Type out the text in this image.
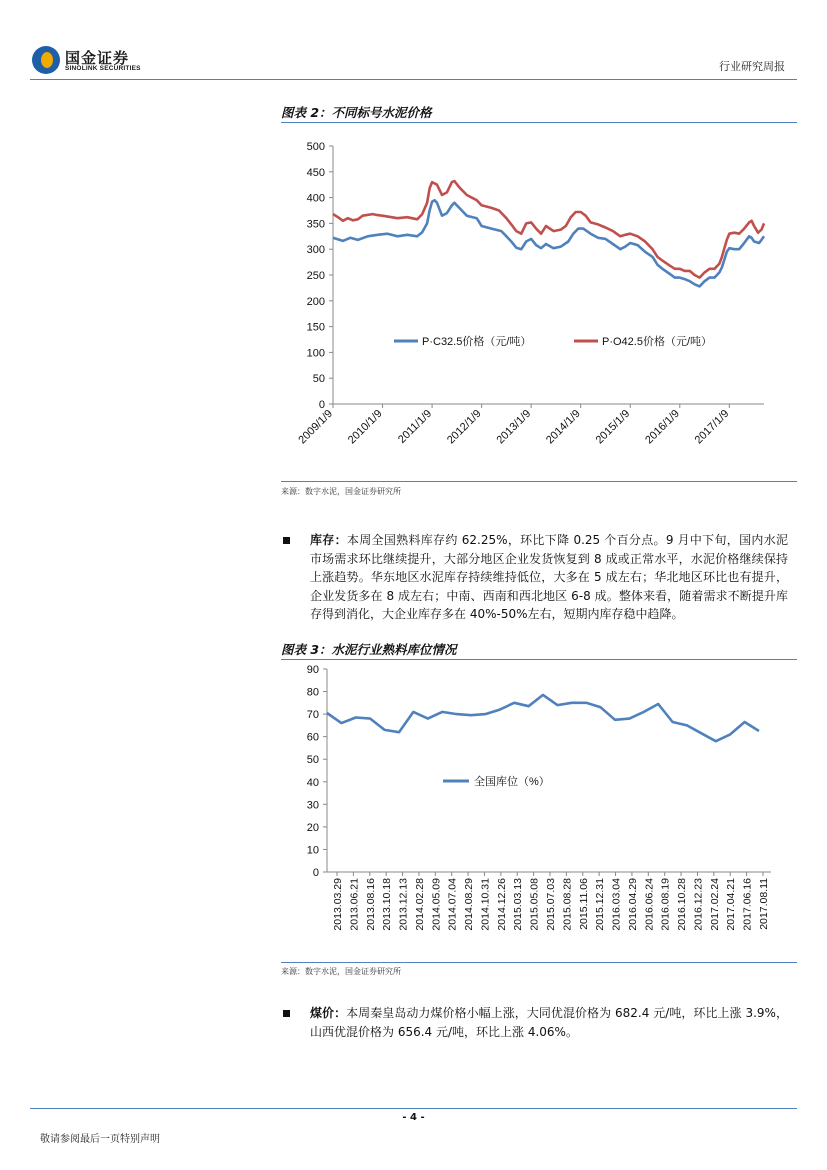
国金证券
SINOLINK SECURITIES	行业研究周报
图表 2：不同标号水泥价格
0
50
100
150
200
250
300
350
400
450
500
2009/1/9 2010/1/9 2011/1/9 2012/1/9 2013/1/9 2014/1/9 2015/1/9 2016/1/9 2017/1/9
P·C32.5价格（元/吨）	P·O42.5价格（元/吨）
来源：数字水泥，国金证券研究所
库存：本周全国熟料库存约 62.25%，环比下降 0.25 个百分点。9 月中下旬，国内水泥市场需求环比继续提升，大部分地区企业发货恢复到 8 成或正常水平，水泥价格继续保持上涨趋势。华东地区水泥库存持续维持低位，大多在 5 成左右；华北地区环比也有提升，企业发货多在 8 成左右；中南、西南和西北地区 6-8 成。整体来看，随着需求不断提升库存得到消化，大企业库存多在 40%-50%左右，短期内库存稳中趋降。
图表 3：水泥行业熟料库位情况
0
10
20
30
40
50
60
70
80
90
2013.03.29 2013.06.21 2013.08.16 2013.10.18 2013.12.13 2014.02.28 2014.05.09 2014.07.04 2014.08.29 2014.10.31 2014.12.26 2015.03.13 2015.05.08 2015.07.03 2015.08.28 2015.11.06 2015.12.31 2016.03.04 2016.04.29 2016.06.24 2016.08.19 2016.10.28 2016.12.23 2017.02.24 2017.04.21 2017.06.16 2017.08.11
全国库位（%）
来源：数字水泥，国金证券研究所
煤价：本周秦皇岛动力煤价格小幅上涨，大同优混价格为 682.4 元/吨，环比上涨 3.9%，山西优混价格为 656.4 元/吨，环比上涨 4.06%。
- 4 -
敬请参阅最后一页特别声明
